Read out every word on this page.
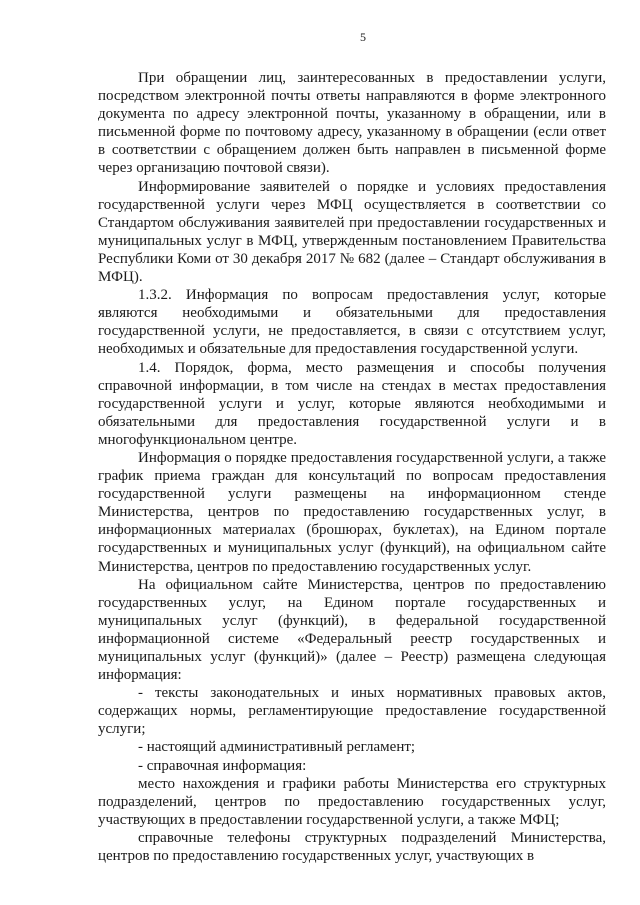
5

При обращении лиц, заинтересованных в предоставлении услуги, посредством электронной почты ответы направляются в форме электронного документа по адресу электронной почты, указанному в обращении, или в письменной форме по почтовому адресу, указанному в обращении (если ответ в соответствии с обращением должен быть направлен в письменной форме через организацию почтовой связи).

Информирование заявителей о порядке и условиях предоставления государственной услуги через МФЦ осуществляется в соответствии со Стандартом обслуживания заявителей при предоставлении государственных и муниципальных услуг в МФЦ, утвержденным постановлением Правительства Республики Коми от 30 декабря 2017 № 682 (далее – Стандарт обслуживания в МФЦ).

1.3.2. Информация по вопросам предоставления услуг, которые являются необходимыми и обязательными для предоставления государственной услуги, не предоставляется, в связи с отсутствием услуг, необходимых и обязательные для предоставления государственной услуги.

1.4. Порядок, форма, место размещения и способы получения справочной информации, в том числе на стендах в местах предоставления государственной услуги и услуг, которые являются необходимыми и обязательными для предоставления государственной услуги и в многофункциональном центре.

Информация о порядке предоставления государственной услуги, а также график приема граждан для консультаций по вопросам предоставления государственной услуги размещены на информационном стенде Министерства, центров по предоставлению государственных услуг, в информационных материалах (брошюрах, буклетах), на Едином портале государственных и муниципальных услуг (функций), на официальном сайте Министерства, центров по предоставлению государственных услуг.

На официальном сайте Министерства, центров по предоставлению государственных услуг, на Едином портале государственных и муниципальных услуг (функций), в федеральной государственной информационной системе «Федеральный реестр государственных и муниципальных услуг (функций)» (далее – Реестр) размещена следующая информация:

- тексты законодательных и иных нормативных правовых актов, содержащих нормы, регламентирующие предоставление государственной услуги;

- настоящий административный регламент;

- справочная информация:

место нахождения и графики работы Министерства его структурных подразделений, центров по предоставлению государственных услуг, участвующих в предоставлении государственной услуги, а также МФЦ;

справочные телефоны структурных подразделений Министерства, центров по предоставлению государственных услуг, участвующих в
